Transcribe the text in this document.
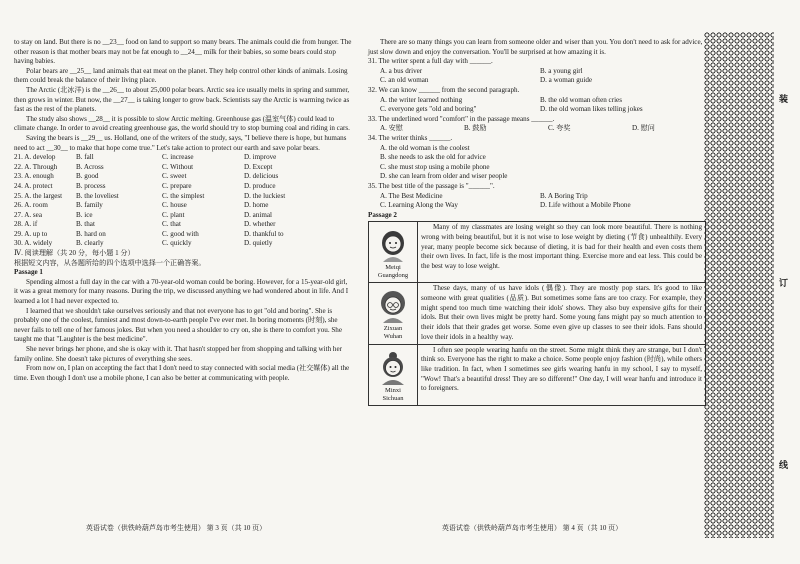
to stay on land. But there is no __23__ food on land to support so many bears. The animals could die from hunger. The other reason is that mother bears may not be fat enough to __24__ milk for their babies, so some bears could stop having babies.

Polar bears are __25__ land animals that eat meat on the planet. They help control other kinds of animals. Losing them could break the balance of their living place.

The Arctic (北冰洋) is the __26__ to about 25,000 polar bears. Arctic sea ice usually melts in spring and summer, then grows in winter. But now, the __27__ is taking longer to grow back. Scientists say the Arctic is warming twice as fast as the rest of the planets.

The study also shows __28__ it is possible to slow Arctic melting. Greenhouse gas (温室气体) could lead to climate change. In order to avoid creating greenhouse gas, the world should try to stop burning coal and riding in cars.

Saving the bears is __29__ us. Holland, one of the writers of the study, says, "I believe there is hope, but humans need to act __30__ to make that hope come true." Let's take action to protect our earth and save polar bears.

21. A. develop	B. fall	C. increase	D. improve
22. A. Through	B. Across	C. Without	D. Except
23. A. enough	B. good	C. sweet	D. delicious
24. A. protect	B. process	C. prepare	D. produce
25. A. the largest	B. the loveliest	C. the simplest	D. the luckiest
26. A. room	B. family	C. house	D. home
27. A. sea	B. ice	C. plant	D. animal
28. A. if	B. that	C. that	D. whether
29. A. up to	B. hard on	C. good with	D. thankful to
30. A. widely	B. clearly	C. quickly	D. quietly

Ⅳ. 阅读理解（共 20 分，每小题 1 分）

根据短文内容，从各题所给的四个选项中选择一个正确答案。

Passage 1

Spending almost a full day in the car with a 70-year-old woman could be boring. However, for a 15-year-old girl, it was a great memory for many reasons. During the trip, we discussed anything we had wondered about in life. And I learned a lot I had never expected to.

I learned that we shouldn't take ourselves seriously and that not everyone has to get "old and boring". She is probably one of the coolest, funniest and most down-to-earth people I've ever met. In boring moments (时刻), she never fails to tell one of her famous jokes. But when you need a shoulder to cry on, she is there to comfort you. She taught me that "Laughter is the best medicine".

She never brings her phone, and she is okay with it. That hasn't stopped her from shopping and talking with her family online. She doesn't take pictures of everything she sees.

From now on, I plan on accepting the fact that I don't need to stay connected with social media (社交媒体) all the time. Even though I don't use a mobile phone, I can also be better at communicating with people.

英语试卷（供铁岭葫芦岛市考生使用） 第 3 页（共 10 页）

There are so many things you can learn from someone older and wiser than you. You don't need to ask for advice, just slow down and enjoy the conversation. You'll be surprised at how amazing it is.

31. The writer spent a full day with ______.

A. a bus driver	B. a young girl
C. an old woman	D. a woman guide

32. We can know ______ from the second paragraph.

A. the writer learned nothing	B. the old woman often cries
C. everyone gets "old and boring"	D. the old woman likes telling jokes

33. The underlined word "comfort" in the passage means ______.

A. 安慰	B. 鼓励	C. 夸奖	D. 慰问

34. The writer thinks ______.

A. the old woman is the coolest
B. she needs to ask the old for advice
C. she must stop using a mobile phone
D. she can learn from older and wiser people

35. The best title of the passage is "______".

A. The Best Medicine	B. A Boring Trip
C. Learning Along the Way	D. Life without a Mobile Phone

Passage 2

Meiqi
Guangdong	Many of my classmates are losing weight so they can look more beautiful. There is nothing wrong with being beautiful, but it is not wise to lose weight by dieting (节食) unhealthily. Every year, many people become sick because of dieting, it is bad for their health and even costs them their own lives. In fact, life is the most important thing. Exercise more and eat less. This could be the best way to lose weight.

Zixuan
Wuhan	These days, many of us have idols (偶像). They are mostly pop stars. It's good to like someone with great qualities (品质). But sometimes some fans are too crazy. For example, they might spend too much time watching their idols' shows. They also buy expensive gifts for their idols. But their own lives might be pretty hard. Some young fans might pay so much attention to their idols that their grades get worse. Some even give up classes to see their idols. Fans should love their idols in a healthy way.

Minxi
Sichuan	I often see people wearing hanfu on the street. Some might think they are strange, but I don't think so. Everyone has the right to make a choice. Some people enjoy fashion (时尚), while others like tradition. In fact, when I sometimes see girls wearing hanfu in my school, I say to myself, "Wow! That's a beautiful dress! They are so different!" One day, I will wear hanfu and introduce it to foreigners.
英语试卷（供铁岭葫芦岛市考生使用） 第 4 页（共 10 页）
装
订
线
